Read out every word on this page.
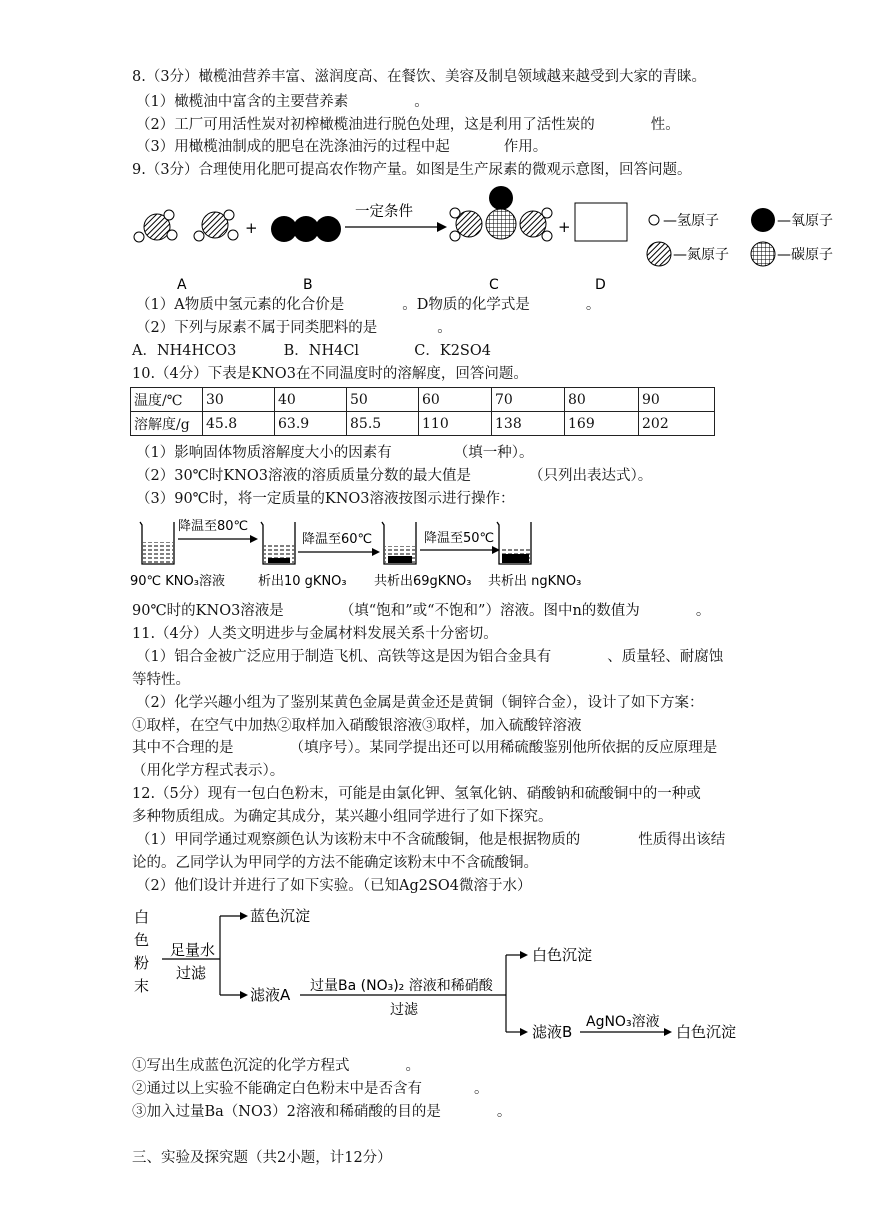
8.（3分）橄榄油营养丰富、滋润度高、在餐饮、美容及制皂领域越来越受到大家的青睐。
（1）橄榄油中富含的主要营养素	。
（2）工厂可用活性炭对初榨橄榄油进行脱色处理，这是利用了活性炭的	性。
（3）用橄榄油制成的肥皂在洗涤油污的过程中起	作用。
9.（3分）合理使用化肥可提高农作物产量。如图是生产尿素的微观示意图，回答问题。
+
一定条件
+
A	B	C	D
—氢原子	—氧原子
—氮原子	—碳原子
（1）A物质中氢元素的化合价是	。D物质的化学式是	。
（2）下列与尿素不属于同类肥料的是	。
A．NH4HCO3	B．NH4Cl	C．K2SO4
10.（4分）下表是KNO3在不同温度时的溶解度，回答问题。
温度/℃	30	40	50	60	70	80	90
溶解度/g	45.8	63.9	85.5	110	138	169	202
（1）影响固体物质溶解度大小的因素有	（填一种）。
（2）30℃时KNO3溶液的溶质质量分数的最大值是	（只列出表达式）。
（3）90℃时，将一定质量的KNO3溶液按图示进行操作：
降温至80℃
降温至60℃	降温至50℃
90℃ KNO₃溶液	析出10 gKNO₃ 共析出69gKNO₃ 共析出 ngKNO₃
90℃时的KNO3溶液是	（填“饱和”或“不饱和”）溶液。图中n的数值为	。
11.（4分）人类文明进步与金属材料发展关系十分密切。
（1）铝合金被广泛应用于制造飞机、高铁等这是因为铝合金具有	、质量轻、耐腐蚀
等特性。
（2）化学兴趣小组为了鉴别某黄色金属是黄金还是黄铜（铜锌合金），设计了如下方案：
①取样，在空气中加热②取样加入硝酸银溶液③取样，加入硫酸锌溶液
其中不合理的是	（填序号）。某同学提出还可以用稀硫酸鉴别他所依据的反应原理是
（用化学方程式表示）。
12.（5分）现有一包白色粉末，可能是由氯化钾、氢氧化钠、硝酸钠和硫酸铜中的一种或
多种物质组成。为确定其成分，某兴趣小组同学进行了如下探究。
（1）甲同学通过观察颜色认为该粉末中不含硫酸铜，他是根据物质的	性质得出该结
论的。乙同学认为甲同学的方法不能确定该粉末中不含硫酸铜。
（2）他们设计并进行了如下实验。（已知Ag2SO4微溶于水）
白
色
粉
末
足量水
过滤
蓝色沉淀
滤液A 过量Ba (NO₃)₂ 溶液和稀硝酸
过滤
白色沉淀
滤液B
AgNO₃溶液
白色沉淀
①写出生成蓝色沉淀的化学方程式	。
②通过以上实验不能确定白色粉末中是否含有	。
③加入过量Ba（NO3）2溶液和稀硝酸的目的是	。
三、实验及探究题（共2小题，计12分）
